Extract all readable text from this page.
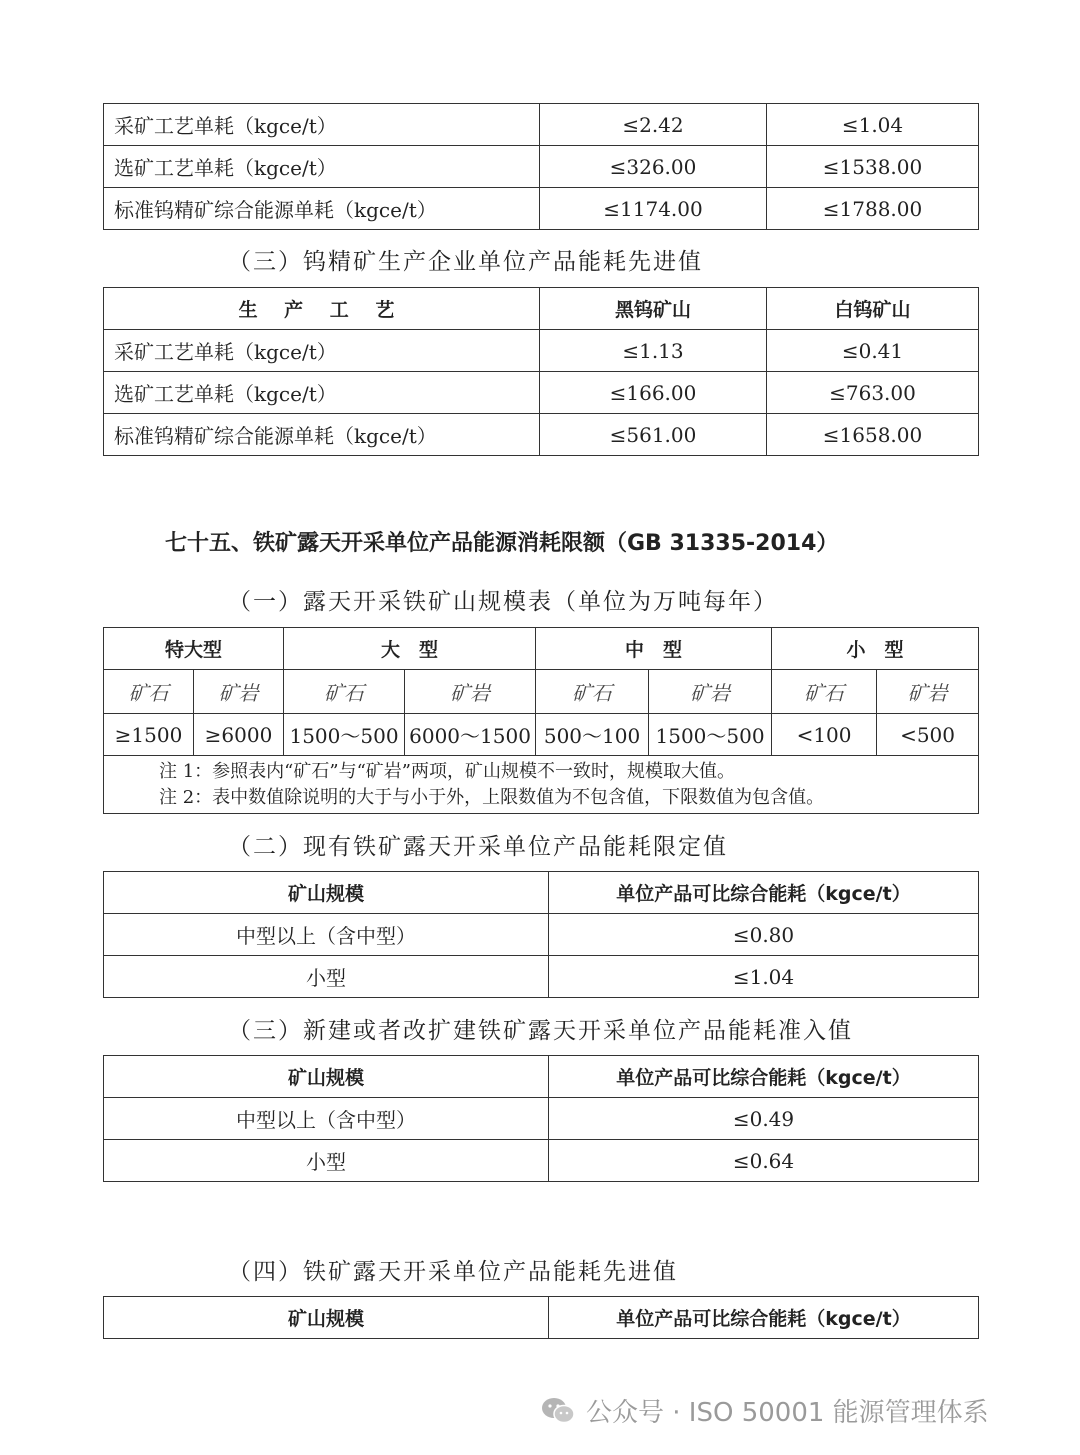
采矿工艺单耗（kgce/t）	≤2.42	≤1.04
选矿工艺单耗（kgce/t）	≤326.00	≤1538.00
标准钨精矿综合能源单耗（kgce/t）	≤1174.00	≤1788.00
（三）钨精矿生产企业单位产品能耗先进值
生 产 工 艺	黑钨矿山	白钨矿山
采矿工艺单耗（kgce/t）	≤1.13	≤0.41
选矿工艺单耗（kgce/t）	≤166.00	≤763.00
标准钨精矿综合能源单耗（kgce/t）	≤561.00	≤1658.00
七十五、铁矿露天开采单位产品能源消耗限额（GB 31335-2014）
（一）露天开采铁矿山规模表（单位为万吨每年）
特大型		大　型		中　型		小　型	
矿石	矿岩	矿石	矿岩	矿石	矿岩	矿石	矿岩
≥1500	≥6000	1500～500	6000～1500	500～100	1500～500	<100	<500

注 1：参照表内“矿石”与“矿岩”两项，矿山规模不一致时，规模取大值。
注 2：表中数值除说明的大于与小于外，上限数值为不包含值，下限数值为包含值。							
（二）现有铁矿露天开采单位产品能耗限定值
矿山规模	单位产品可比综合能耗（kgce/t）
中型以上（含中型）	≤0.80
小型	≤1.04
（三）新建或者改扩建铁矿露天开采单位产品能耗准入值
矿山规模	单位产品可比综合能耗（kgce/t）
中型以上（含中型）	≤0.49
小型	≤0.64
（四）铁矿露天开采单位产品能耗先进值
矿山规模	单位产品可比综合能耗（kgce/t）
公众号 · ISO 50001 能源管理体系
